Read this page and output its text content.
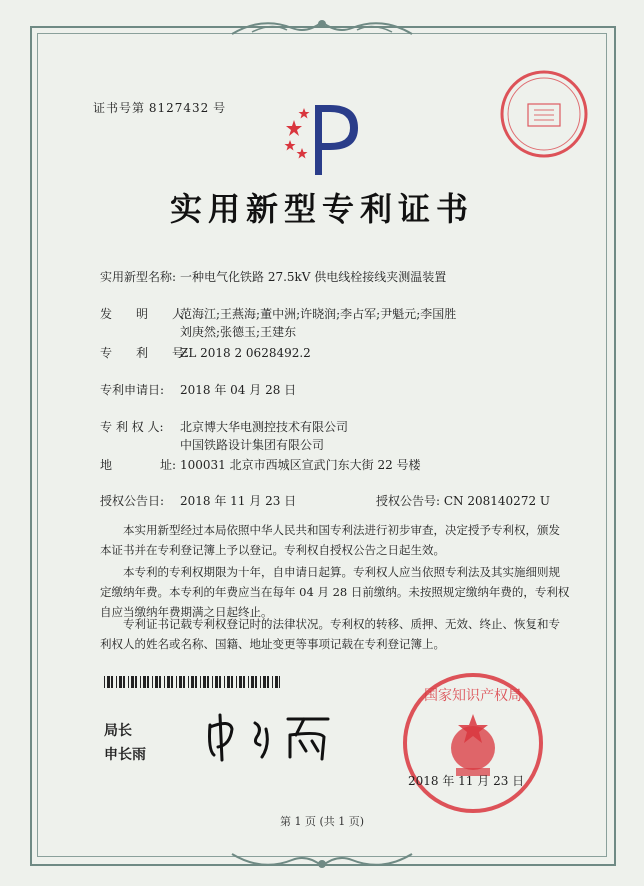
证书号第 8127432 号
实用新型专利证书
实用新型名称: 一种电气化铁路 27.5kV 供电线栓接线夹测温装置
发　　明　　人:范海江;王燕海;董中洲;许晓润;李占军;尹魁元;李国胜
刘庚然;张德玉;王建东
专　　利　　号:ZL 2018 2 0628492.2
专利申请日: 2018 年 04 月 28 日
专 利 权 人: 北京博大华电测控技术有限公司
中国铁路设计集团有限公司
地　　　　址: 100031 北京市西城区宣武门东大街 22 号楼
授权公告日: 2018 年 11 月 23 日	授权公告号: CN 208140272 U
本实用新型经过本局依照中华人民共和国专利法进行初步审查，决定授予专利权，颁发本证书并在专利登记簿上予以登记。专利权自授权公告之日起生效。
本专利的专利权期限为十年，自申请日起算。专利权人应当依照专利法及其实施细则规定缴纳年费。本专利的年费应当在每年 04 月 28 日前缴纳。未按照规定缴纳年费的，专利权自应当缴纳年费期满之日起终止。
专利证书记载专利权登记时的法律状况。专利权的转移、质押、无效、终止、恢复和专利权人的姓名或名称、国籍、地址变更等事项记载在专利登记簿上。
局长
申长雨
国家知识产权局
2018 年 11 月 23 日
第 1 页 (共 1 页)
